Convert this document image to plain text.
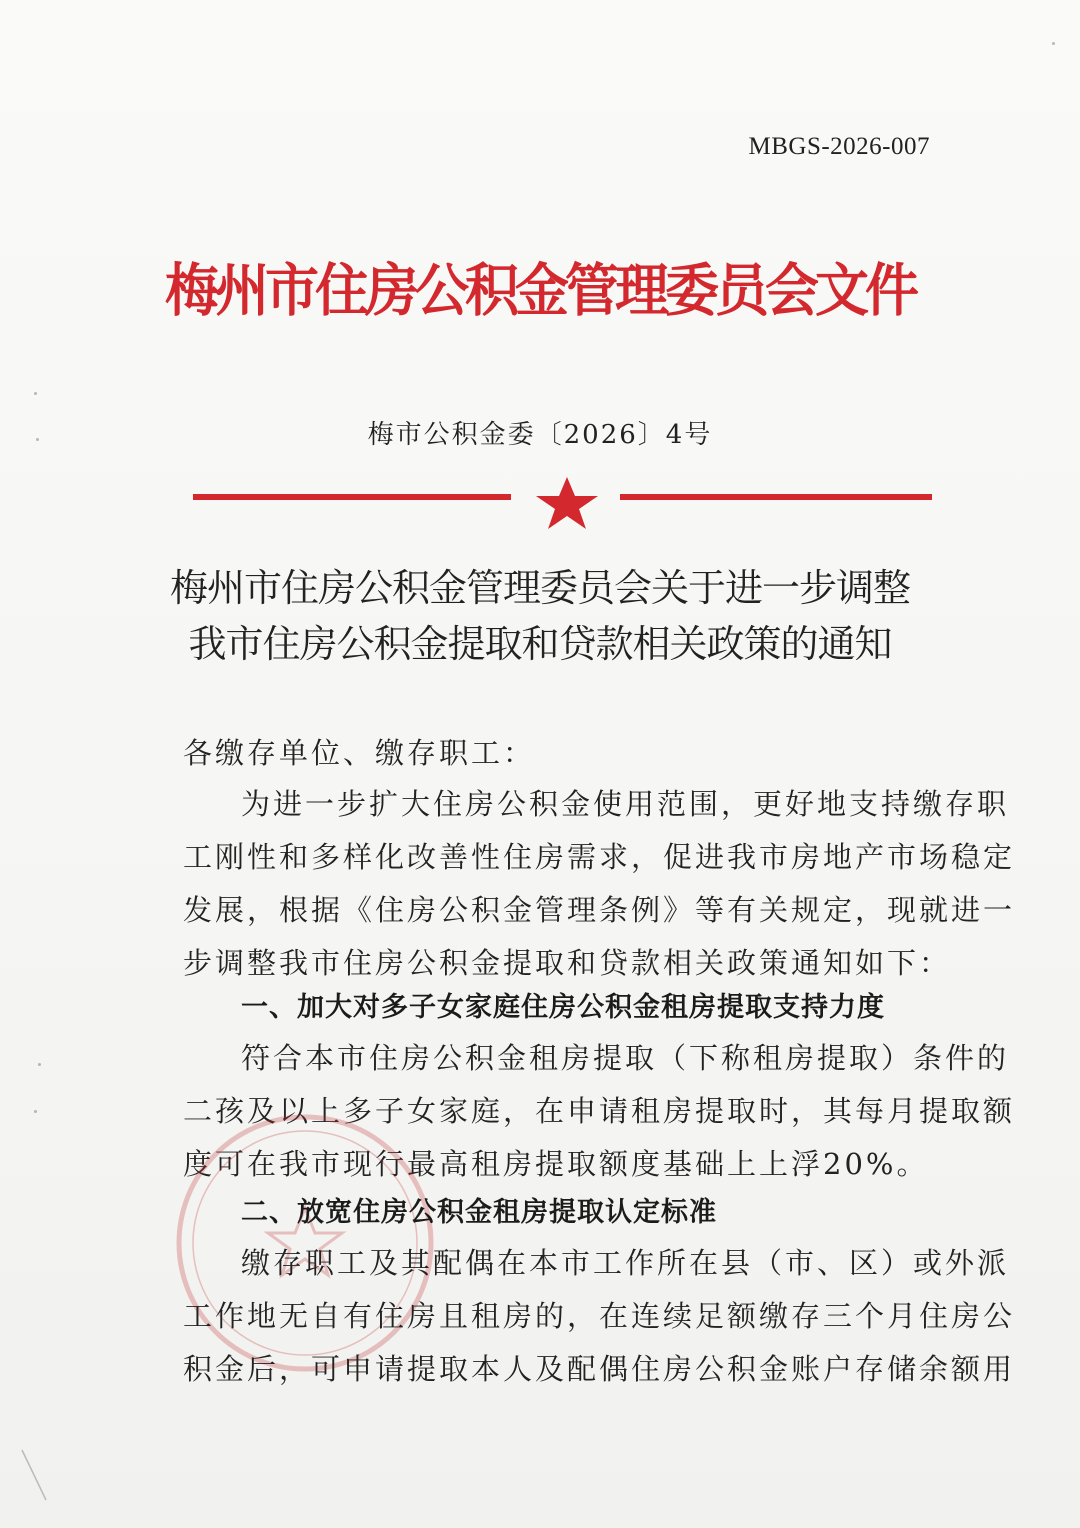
MBGS-2026-007
梅州市住房公积金管理委员会文件
梅市公积金委〔2026〕4号
梅州市住房公积金管理委员会关于进一步调整
我市住房公积金提取和贷款相关政策的通知
各缴存单位、缴存职工：
为进一步扩大住房公积金使用范围，更好地支持缴存职
工刚性和多样化改善性住房需求，促进我市房地产市场稳定
发展，根据《住房公积金管理条例》等有关规定，现就进一
步调整我市住房公积金提取和贷款相关政策通知如下：
一、加大对多子女家庭住房公积金租房提取支持力度
符合本市住房公积金租房提取（下称租房提取）条件的
二孩及以上多子女家庭，在申请租房提取时，其每月提取额
度可在我市现行最高租房提取额度基础上上浮20%。
二、放宽住房公积金租房提取认定标准
缴存职工及其配偶在本市工作所在县（市、区）或外派
工作地无自有住房且租房的，在连续足额缴存三个月住房公
积金后，可申请提取本人及配偶住房公积金账户存储余额用
